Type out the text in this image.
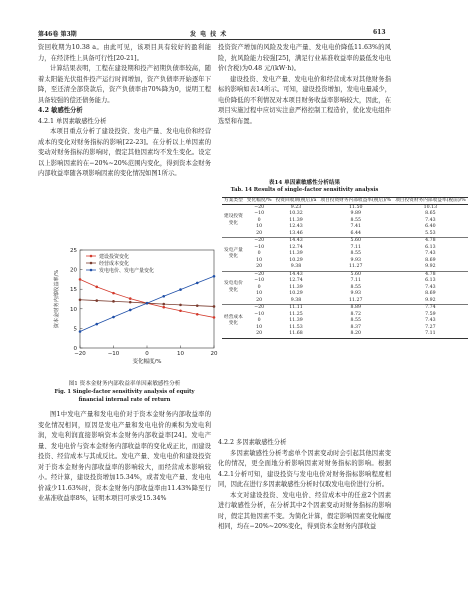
第46卷 第3期	发 电 技 术	613

资回收期为10.38 a。由此可见，该项目具有较好的盈利能力，在经济性上具备可行性[20-21]。

计算结果表明，工程在建设期和投产初期负债率较高，随着太阳能光伏组件投产运行时间增加，资产负债率开始逐年下降，至还清全部贷款后，资产负债率由70%降为0，说明工程具备较强的偿还债务能力。

4.2 敏感性分析

4.2.1 单因素敏感性分析

本项目重点分析了建设投资、发电产量、发电电价和经营成本的变化对财务指标的影响[22-23]。在分析以上单因素的变动对财务指标的影响时，假定其他因素均不发生变化。设定以上影响因素的在−20%~20%范围内变化，得到资本金财务内部收益率随各项影响因素的变化情况如图1所示。

0
5
10
15
20
25
−20	−10	0	10	20
变化幅度/%
资本金财务内部收益率/%
建设投资变化
经营成本变化
发电电价、发电产量变化
图1 资本金财务内部收益率单因素敏感性分析
Fig. 1 Single-factor sensitivity analysis of equity
financial internal rate of return

图1中发电产量和发电电价对于资本金财务内部收益率的变化情况相同，原因是发电产量和发电电价的乘积为发电利润，发电利润直接影响资本金财务内部收益率[24]。发电产量、发电电价与资本金财务内部收益率的变化成正比，而建设投资、经营成本与其成反比。发电产量、发电电价和建设投资对于资本金财务内部收益率的影响较大，而经营成本影响较小。经计算，建设投资增加15.34%，或者发电产量、发电电价减少11.63%时，资本金财务内部收益率由11.43%降至行业基准收益率8%，证明本项目可承受15.34%

投资资产增加的风险及发电产量、发电电价降低11.63%的风险，抗风险能力较强[25]，满足行业基准收益率的最低发电电价(含税)为0.48 元/(kW·h)。

建设投资、发电产量、发电电价和经营成本对其他财务指标的影响如表14所示。可知，建设投资增加，发电电量减少，电价降低的不利情况对本项目财务收益率影响较大，因此，在项目实施过程中应切实注意严格控制工程造价，优化发电组件选型和布置。

表14 单因素敏感性分析结果
Tab. 14 Results of single-factor sensitivity analysis
方案类型	变化幅度/%	投资回收期(税后)/a	项目投资财务内部收益率(税后)/%	项目投资财务内部收益率(税前)/%
建设投资变化	−20	9.23	11.50	10.13
	−10	10.32	9.89	8.65
	0	11.39	8.55	7.43
	10	12.43	7.41	6.40
	20	13.46	6.44	5.53
发电产量变化	−20	14.43	5.60	4.78
	−10	12.74	7.11	6.13
	0	11.39	8.55	7.43
	10	10.29	9.93	8.69
	20	9.38	11.27	9.92
发电电价变化	−20	14.43	5.60	4.78
	−10	12.74	7.11	6.13
	0	11.39	8.55	7.43
	10	10.29	9.93	8.69
	20	9.38	11.27	9.92
经营成本变化	−20	11.11	8.89	7.74
	−10	11.25	8.72	7.59
	0	11.39	8.55	7.43
	10	11.53	8.37	7.27
	20	11.68	8.20	7.11

4.2.2 多因素敏感性分析

多因素敏感性分析考虑单个因素变动时会引起其他因素变化的情况，更全面地分析影响因素对财务指标的影响。根据4.2.1分析可知，建设投资与发电电价对财务指标影响程度相同，因此在进行多因素敏感性分析时仅取发电电价进行分析。

本文对建设投资、发电电价、经营成本中的任意2个因素进行敏感性分析，在分析其中2个因素变动对财务指标的影响时，假定其他因素不变。为简化计算，假定影响因素变化幅度相同，均在−20%~20%变化，得到资本金财务内部收益
